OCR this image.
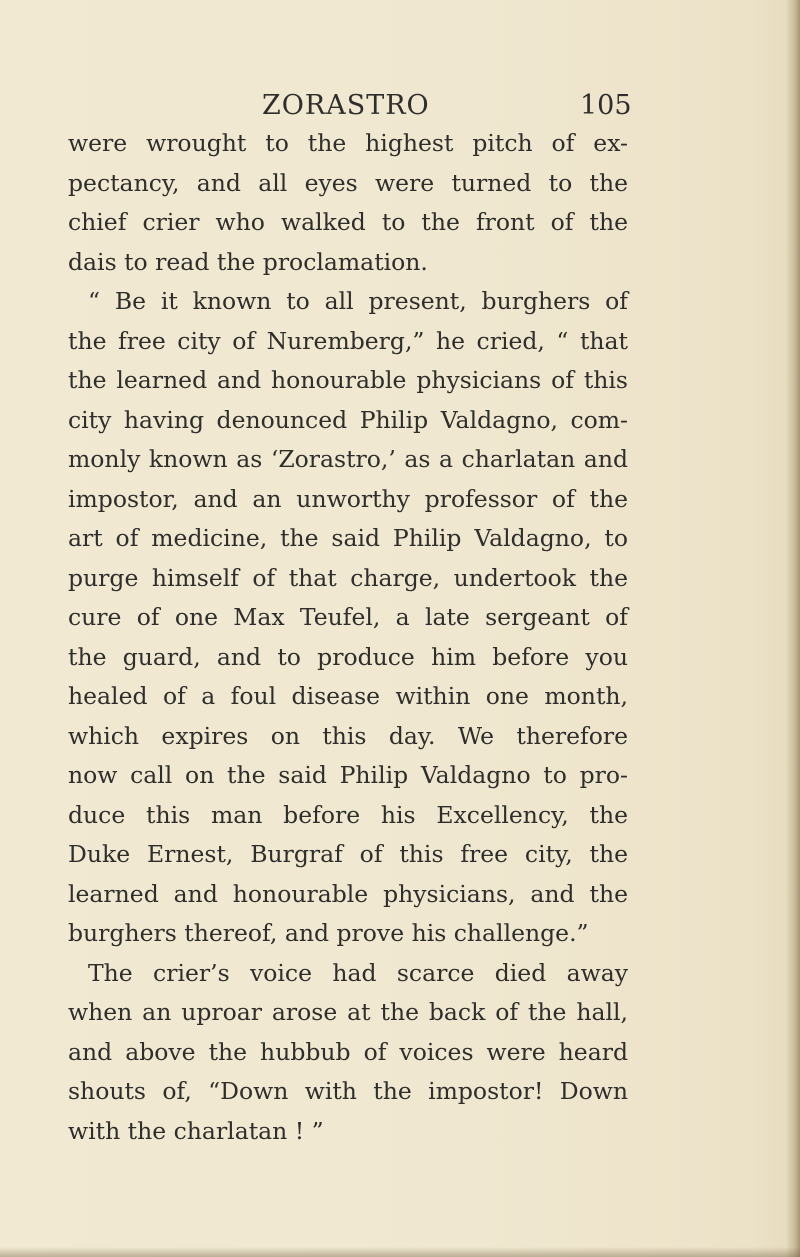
ZORASTRO	105
were wrought to the highest pitch of ex-
pectancy, and all eyes were turned to the
chief crier who walked to the front of the
dais to read the proclamation.
“ Be it known to all present, burghers of
the free city of Nuremberg,” he cried, “ that
the learned and honourable physicians of this
city having denounced Philip Valdagno, com-
monly known as ‘Zorastro,’ as a charlatan and
impostor, and an unworthy professor of the
art of medicine, the said Philip Valdagno, to
purge himself of that charge, undertook the
cure of one Max Teufel, a late sergeant of
the guard, and to produce him before you
healed of a foul disease within one month,
which expires on this day. We therefore
now call on the said Philip Valdagno to pro-
duce this man before his Excellency, the
Duke Ernest, Burgraf of this free city, the
learned and honourable physicians, and the
burghers thereof, and prove his challenge.”
The crier’s voice had scarce died away
when an uproar arose at the back of the hall,
and above the hubbub of voices were heard
shouts of, “Down with the impostor! Down
with the charlatan ! ”
